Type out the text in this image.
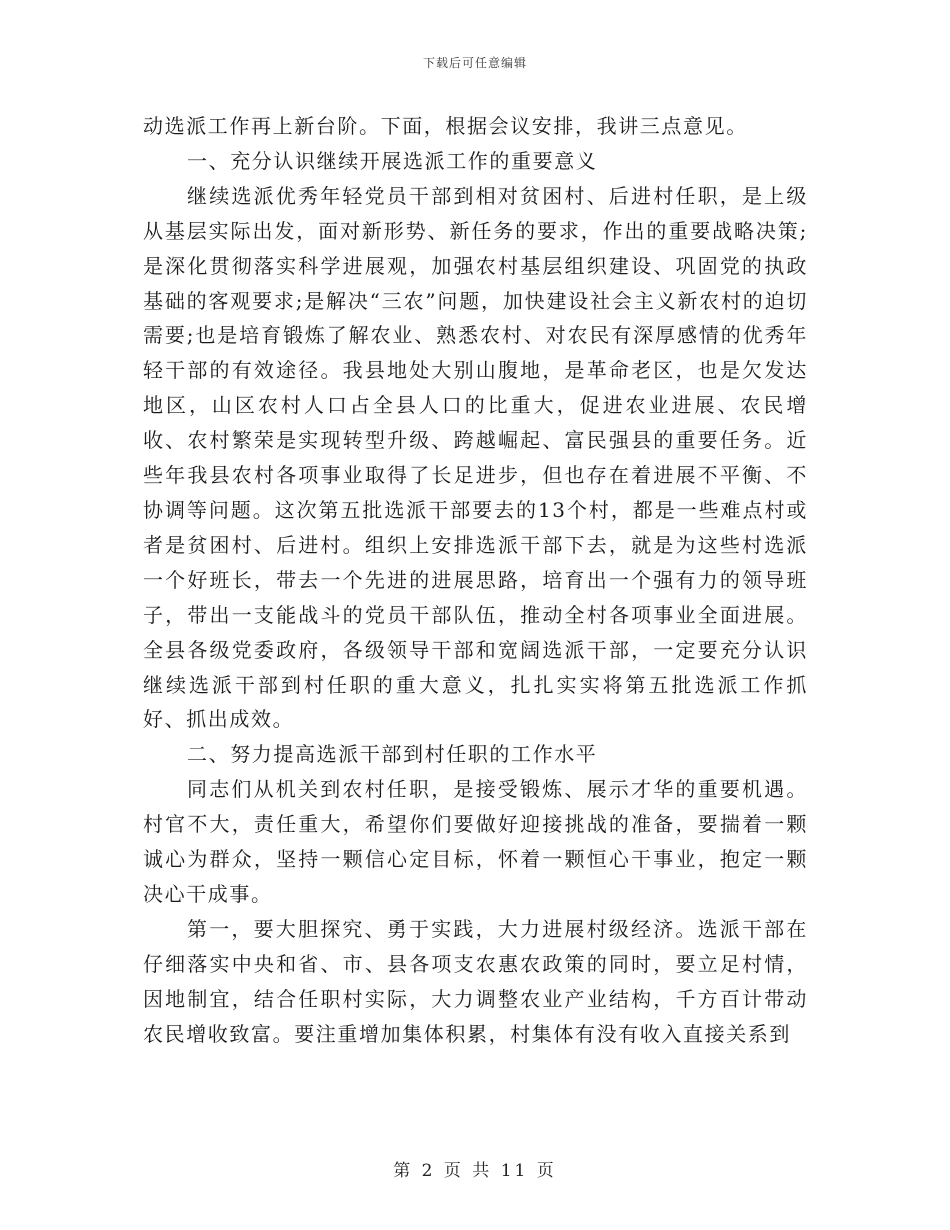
下载后可任意编辑

动选派工作再上新台阶。下面，根据会议安排，我讲三点意见。

一、充分认识继续开展选派工作的重要意义

继续选派优秀年轻党员干部到相对贫困村、后进村任职，是上级从基层实际出发，面对新形势、新任务的要求，作出的重要战略决策;是深化贯彻落实科学进展观，加强农村基层组织建设、巩固党的执政基础的客观要求;是解决“三农”问题，加快建设社会主义新农村的迫切需要;也是培育锻炼了解农业、熟悉农村、对农民有深厚感情的优秀年轻干部的有效途径。我县地处大别山腹地，是革命老区，也是欠发达地区，山区农村人口占全县人口的比重大，促进农业进展、农民增收、农村繁荣是实现转型升级、跨越崛起、富民强县的重要任务。近些年我县农村各项事业取得了长足进步，但也存在着进展不平衡、不协调等问题。这次第五批选派干部要去的13个村，都是一些难点村或者是贫困村、后进村。组织上安排选派干部下去，就是为这些村选派一个好班长，带去一个先进的进展思路，培育出一个强有力的领导班子，带出一支能战斗的党员干部队伍，推动全村各项事业全面进展。全县各级党委政府，各级领导干部和宽阔选派干部，一定要充分认识继续选派干部到村任职的重大意义，扎扎实实将第五批选派工作抓好、抓出成效。

二、努力提高选派干部到村任职的工作水平

同志们从机关到农村任职，是接受锻炼、展示才华的重要机遇。村官不大，责任重大，希望你们要做好迎接挑战的准备，要揣着一颗诚心为群众，坚持一颗信心定目标，怀着一颗恒心干事业，抱定一颗决心干成事。

第一，要大胆探究、勇于实践，大力进展村级经济。选派干部在仔细落实中央和省、市、县各项支农惠农政策的同时，要立足村情，因地制宜，结合任职村实际，大力调整农业产业结构，千方百计带动农民增收致富。要注重增加集体积累，村集体有没有收入直接关系到

第 2 页 共 11 页
